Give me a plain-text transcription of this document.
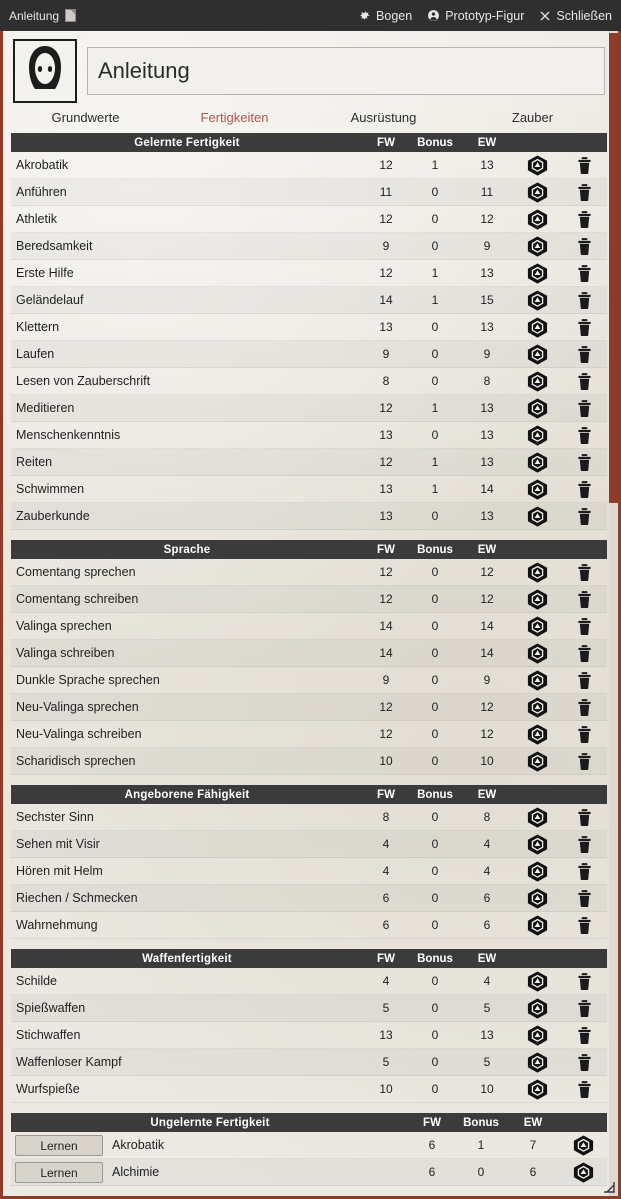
Anleitung	Bogen	Prototyp-Figur	Schließen
Anleitung
Grundwerte	Fertigkeiten	Ausrüstung	Zauber
Gelernte Fertigkeit	FW	Bonus	EW
Akrobatik	12	1	13
Anführen	11	0	11
Athletik	12	0	12
Beredsamkeit	9	0	9
Erste Hilfe	12	1	13
Geländelauf	14	1	15
Klettern	13	0	13
Laufen	9	0	9
Lesen von Zauberschrift	8	0	8
Meditieren	12	1	13
Menschenkenntnis	13	0	13
Reiten	12	1	13
Schwimmen	13	1	14
Zauberkunde	13	0	13
Sprache	FW	Bonus	EW
Comentang sprechen	12	0	12
Comentang schreiben	12	0	12
Valinga sprechen	14	0	14
Valinga schreiben	14	0	14
Dunkle Sprache sprechen	9	0	9
Neu-Valinga sprechen	12	0	12
Neu-Valinga schreiben	12	0	12
Scharidisch sprechen	10	0	10
Angeborene Fähigkeit	FW	Bonus	EW
Sechster Sinn	8	0	8
Sehen mit Visir	4	0	4
Hören mit Helm	4	0	4
Riechen / Schmecken	6	0	6
Wahrnehmung	6	0	6
Waffenfertigkeit	FW	Bonus	EW
Schilde	4	0	4
Spießwaffen	5	0	5
Stichwaffen	13	0	13
Waffenloser Kampf	5	0	5
Wurfspieße	10	0	10
Ungelernte Fertigkeit	FW	Bonus	EW
Lernen	Akrobatik	6	1	7
Lernen	Alchimie	6	0	6
